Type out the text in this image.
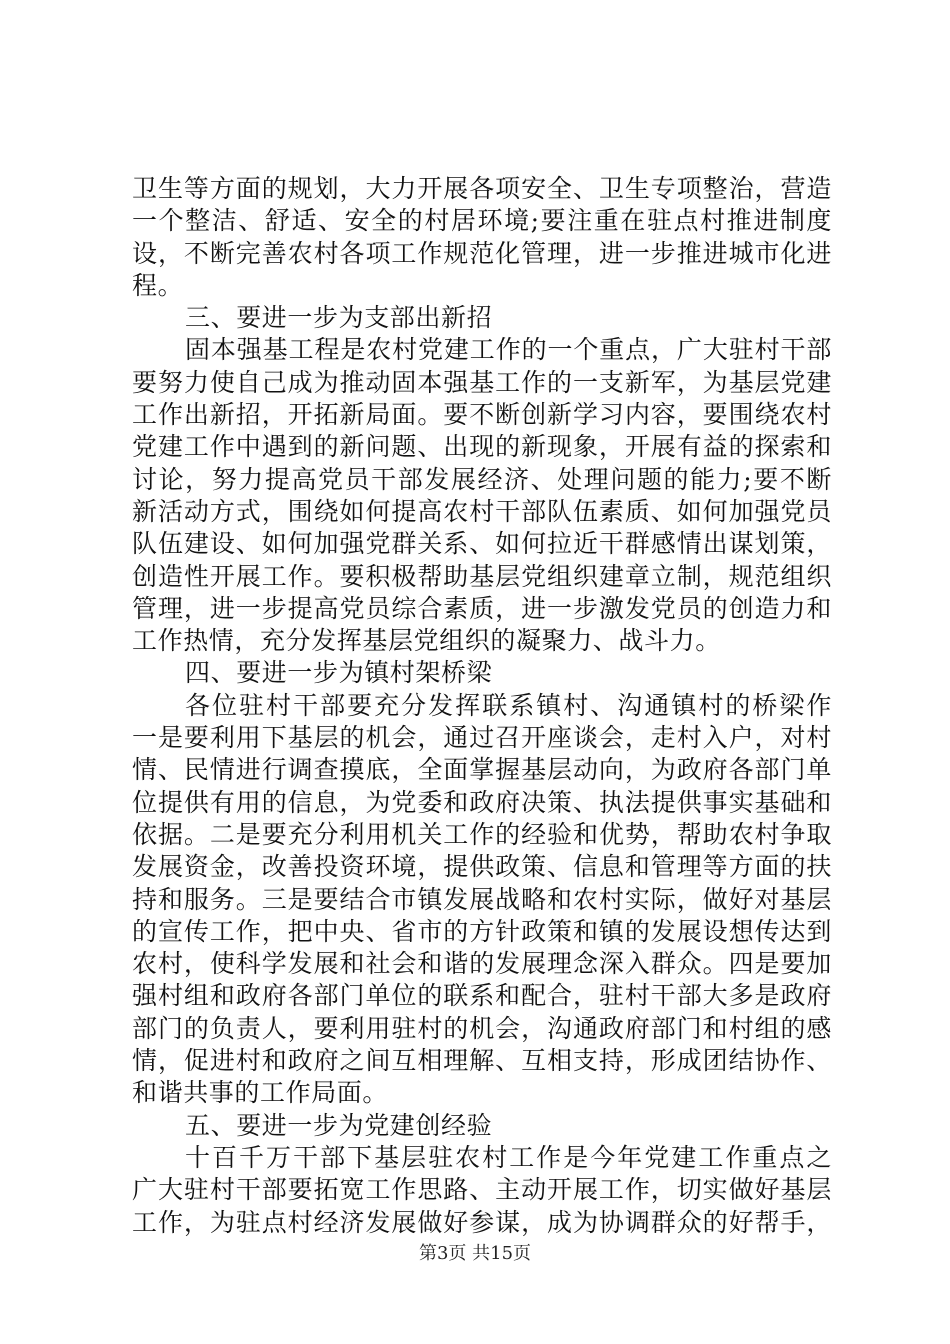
卫生等方面的规划，大力开展各项安全、卫生专项整治，营造
一个整洁、舒适、安全的村居环境;要注重在驻点村推进制度
设，不断完善农村各项工作规范化管理，进一步推进城市化进
程。
三、要进一步为支部出新招
固本强基工程是农村党建工作的一个重点，广大驻村干部
要努力使自己成为推动固本强基工作的一支新军，为基层党建
工作出新招，开拓新局面。要不断创新学习内容，要围绕农村
党建工作中遇到的新问题、出现的新现象，开展有益的探索和
讨论，努力提高党员干部发展经济、处理问题的能力;要不断
新活动方式，围绕如何提高农村干部队伍素质、如何加强党员
队伍建设、如何加强党群关系、如何拉近干群感情出谋划策，
创造性开展工作。要积极帮助基层党组织建章立制，规范组织
管理，进一步提高党员综合素质，进一步激发党员的创造力和
工作热情，充分发挥基层党组织的凝聚力、战斗力。
四、要进一步为镇村架桥梁
各位驻村干部要充分发挥联系镇村、沟通镇村的桥梁作
一是要利用下基层的机会，通过召开座谈会，走村入户，对村
情、民情进行调查摸底，全面掌握基层动向，为政府各部门单
位提供有用的信息，为党委和政府决策、执法提供事实基础和
依据。二是要充分利用机关工作的经验和优势，帮助农村争取
发展资金，改善投资环境，提供政策、信息和管理等方面的扶
持和服务。三是要结合市镇发展战略和农村实际，做好对基层
的宣传工作，把中央、省市的方针政策和镇的发展设想传达到
农村，使科学发展和社会和谐的发展理念深入群众。四是要加
强村组和政府各部门单位的联系和配合，驻村干部大多是政府
部门的负责人，要利用驻村的机会，沟通政府部门和村组的感
情，促进村和政府之间互相理解、互相支持，形成团结协作、
和谐共事的工作局面。
五、要进一步为党建创经验
十百千万干部下基层驻农村工作是今年党建工作重点之
广大驻村干部要拓宽工作思路、主动开展工作，切实做好基层
工作，为驻点村经济发展做好参谋，成为协调群众的好帮手，
第3页 共15页
